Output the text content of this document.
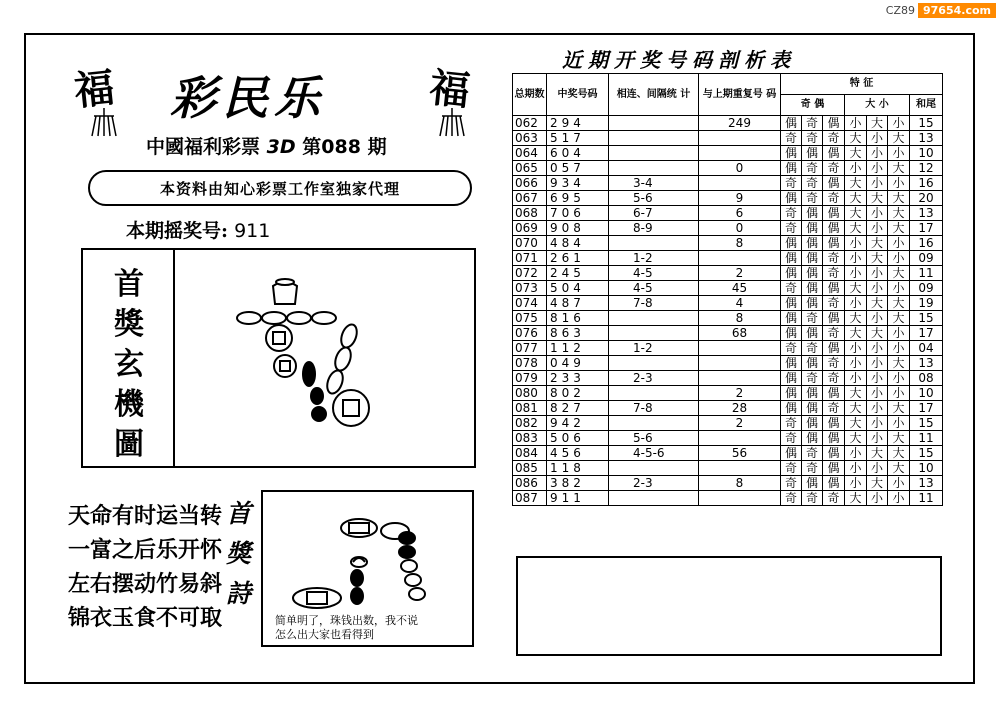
CZ89 97654.com
福	福
彩民乐
中國福利彩票 3D 第088 期
本资料由知心彩票工作室独家代理
本期摇奖号: 911
首
獎
玄
機
圖
天命有时运当转
一富之后乐开怀
左右摆动竹易斜
锦衣玉食不可取
首
獎
詩
简单明了，珠钱出数，我不说
怎么出大家也看得到
近期开奖号码剖析表
总期数	中奖号码	相连、间隔统 计	与上期重复号 码	特 征						
				奇 偶			大 小			和尾
062	294		249	偶	奇	偶	小	大	小	15
063	517			奇	奇	奇	大	小	大	13
064	604			偶	偶	偶	大	小	小	10
065	057		0	偶	奇	奇	小	小	大	12
066	934	3-4		奇	奇	偶	大	小	小	16
067	695	5-6	9	偶	奇	奇	大	大	大	20
068	706	6-7	6	奇	偶	偶	大	小	大	13
069	908	8-9	0	奇	偶	偶	大	小	大	17
070	484		8	偶	偶	偶	小	大	小	16
071	261	1-2		偶	偶	奇	小	大	小	09
072	245	4-5	2	偶	偶	奇	小	小	大	11
073	504	4-5	45	奇	偶	偶	大	小	小	09
074	487	7-8	4	偶	偶	奇	小	大	大	19
075	816		8	偶	奇	偶	大	小	大	15
076	863		68	偶	偶	奇	大	大	小	17
077	112	1-2		奇	奇	偶	小	小	小	04
078	049			偶	偶	奇	小	小	大	13
079	233	2-3		偶	奇	奇	小	小	小	08
080	802		2	偶	偶	偶	大	小	小	10
081	827	7-8	28	偶	偶	奇	大	小	大	17
082	942		2	奇	偶	偶	大	小	小	15
083	506	5-6		奇	偶	偶	大	小	大	11
084	456	4-5-6	56	偶	奇	偶	小	大	大	15
085	118			奇	奇	偶	小	小	大	10
086	382	2-3	8	奇	偶	偶	小	大	小	13
087	911			奇	奇	奇	大	小	小	11
